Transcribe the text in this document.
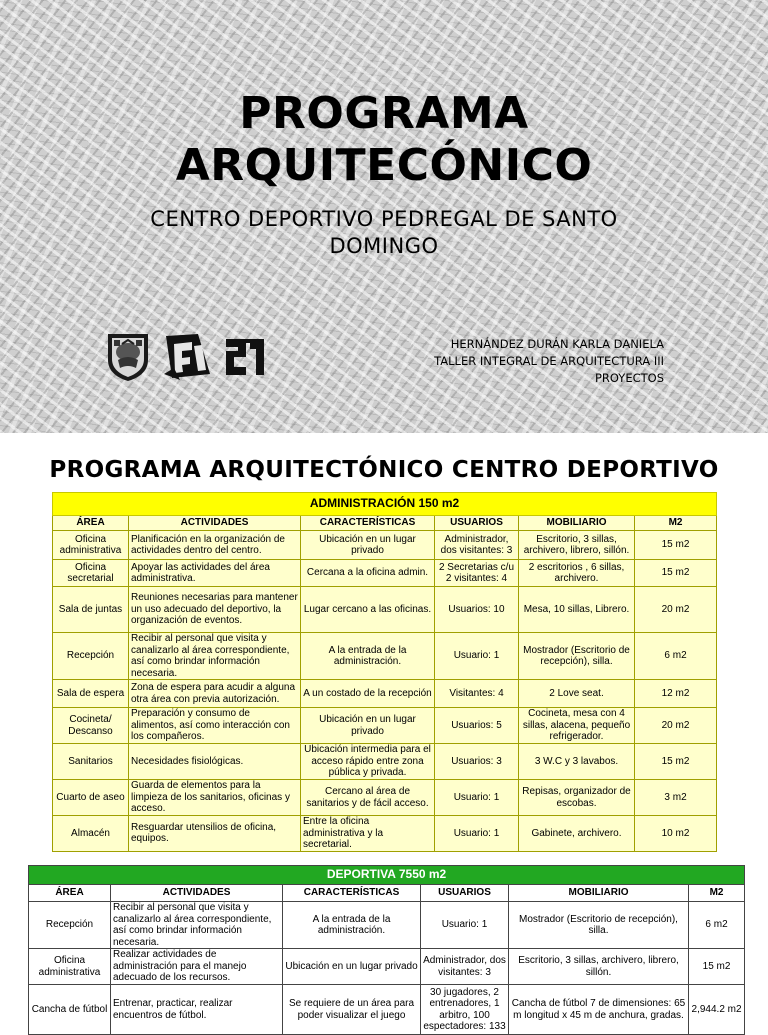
PROGRAMA
ARQUITECÓNICO
CENTRO DEPORTIVO PEDREGAL DE SANTO DOMINGO
HERNÁNDEZ DURÁN KARLA DANIELA
TALLER INTEGRAL DE ARQUITECTURA III
PROYECTOS
PROGRAMA ARQUITECTÓNICO CENTRO DEPORTIVO
ADMINISTRACIÓN 150 m2					
ÁREA	ACTIVIDADES	CARACTERÍSTICAS	USUARIOS	MOBILIARIO	M2
Oficina administrativa	Planificación en la organización de actividades dentro del centro.	Ubicación en un lugar privado	Administrador, dos visitantes: 3	Escritorio, 3 sillas, archivero, librero, sillón.	15 m2
Oficina secretarial	Apoyar las actividades del área administrativa.	Cercana a la oficina admin.	2 Secretarias c/u 2 visitantes: 4	2 escritorios , 6 sillas, archivero.	15 m2
Sala de juntas	Reuniones necesarias para mantener un uso adecuado del deportivo, la organización de eventos.	Lugar cercano a las oficinas.	Usuarios: 10	Mesa, 10 sillas, Librero.	20 m2
Recepción	Recibir al personal que visita y canalizarlo al área correspondiente, así como brindar información necesaria.	A la entrada de la administración.	Usuario: 1	Mostrador (Escritorio de recepción), silla.	6 m2
Sala de espera	Zona de espera para acudir a alguna otra área con previa autorización.	A un costado de la recepción	Visitantes: 4	2 Love seat.	12 m2
Cocineta/ Descanso	Preparación y consumo de alimentos, así como interacción con los compañeros.	Ubicación en un lugar privado	Usuarios: 5	Cocineta, mesa con 4 sillas, alacena, pequeño refrigerador.	20 m2
Sanitarios	Necesidades fisiológicas.	Ubicación intermedia para el acceso rápido entre zona pública y privada.	Usuarios: 3	3 W.C y 3 lavabos.	15 m2
Cuarto de aseo	Guarda de elementos para la limpieza de los sanitarios, oficinas y acceso.	Cercano al área de sanitarios y de fácil acceso.	Usuario: 1	Repisas, organizador de escobas.	3 m2
Almacén	Resguardar utensilios de oficina, equipos.	Entre la oficina administrativa y la secretarial.	Usuario: 1	Gabinete, archivero.	10 m2
DEPORTIVA 7550 m2					
ÁREA	ACTIVIDADES	CARACTERÍSTICAS	USUARIOS	MOBILIARIO	M2
Recepción	Recibir al personal que visita y canalizarlo al área correspondiente, así como brindar información necesaria.	A la entrada de la administración.	Usuario: 1	Mostrador (Escritorio de recepción), silla.	6 m2
Oficina administrativa	Realizar actividades de administración para el manejo adecuado de los recursos.	Ubicación en un lugar privado	Administrador, dos visitantes: 3	Escritorio, 3 sillas, archivero, librero, sillón.	15 m2
Cancha de fútbol	Entrenar, practicar, realizar encuentros de fútbol.	Se requiere de un área para poder visualizar el juego	30 jugadores, 2 entrenadores, 1 arbitro, 100 espectadores: 133	Cancha de fútbol 7 de dimensiones: 65 m longitud x 45 m de anchura, gradas.	2,944.2 m2
